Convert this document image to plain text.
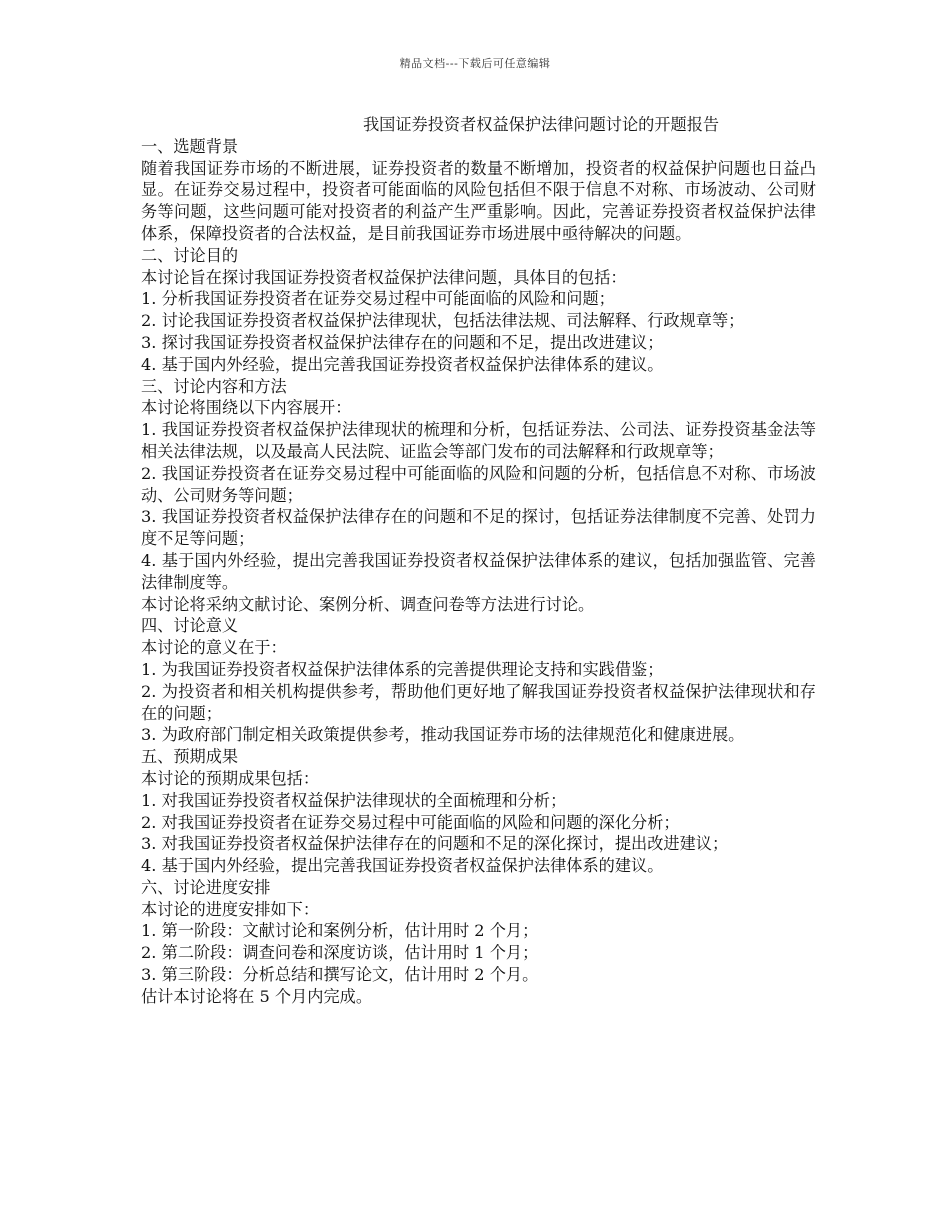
精品文档---下载后可任意编辑

我国证券投资者权益保护法律问题讨论的开题报告

一、选题背景

随着我国证券市场的不断进展，证券投资者的数量不断增加，投资者的权益保护问题也日益凸显。在证券交易过程中，投资者可能面临的风险包括但不限于信息不对称、市场波动、公司财务等问题，这些问题可能对投资者的利益产生严重影响。因此，完善证券投资者权益保护法律体系，保障投资者的合法权益，是目前我国证券市场进展中亟待解决的问题。

二、讨论目的

本讨论旨在探讨我国证券投资者权益保护法律问题，具体目的包括：

1. 分析我国证券投资者在证券交易过程中可能面临的风险和问题；

2. 讨论我国证券投资者权益保护法律现状，包括法律法规、司法解释、行政规章等；

3. 探讨我国证券投资者权益保护法律存在的问题和不足，提出改进建议；

4. 基于国内外经验，提出完善我国证券投资者权益保护法律体系的建议。

三、讨论内容和方法

本讨论将围绕以下内容展开：

1. 我国证券投资者权益保护法律现状的梳理和分析，包括证券法、公司法、证券投资基金法等相关法律法规，以及最高人民法院、证监会等部门发布的司法解释和行政规章等；

2. 我国证券投资者在证券交易过程中可能面临的风险和问题的分析，包括信息不对称、市场波动、公司财务等问题；

3. 我国证券投资者权益保护法律存在的问题和不足的探讨，包括证券法律制度不完善、处罚力度不足等问题；

4. 基于国内外经验，提出完善我国证券投资者权益保护法律体系的建议，包括加强监管、完善法律制度等。

本讨论将采纳文献讨论、案例分析、调查问卷等方法进行讨论。

四、讨论意义

本讨论的意义在于：

1. 为我国证券投资者权益保护法律体系的完善提供理论支持和实践借鉴；

2. 为投资者和相关机构提供参考，帮助他们更好地了解我国证券投资者权益保护法律现状和存在的问题；

3. 为政府部门制定相关政策提供参考，推动我国证券市场的法律规范化和健康进展。

五、预期成果

本讨论的预期成果包括：

1. 对我国证券投资者权益保护法律现状的全面梳理和分析；

2. 对我国证券投资者在证券交易过程中可能面临的风险和问题的深化分析；

3. 对我国证券投资者权益保护法律存在的问题和不足的深化探讨，提出改进建议；

4. 基于国内外经验，提出完善我国证券投资者权益保护法律体系的建议。

六、讨论进度安排

本讨论的进度安排如下：

1. 第一阶段：文献讨论和案例分析，估计用时 2 个月；

2. 第二阶段：调查问卷和深度访谈，估计用时 1 个月；

3. 第三阶段：分析总结和撰写论文，估计用时 2 个月。

估计本讨论将在 5 个月内完成。
